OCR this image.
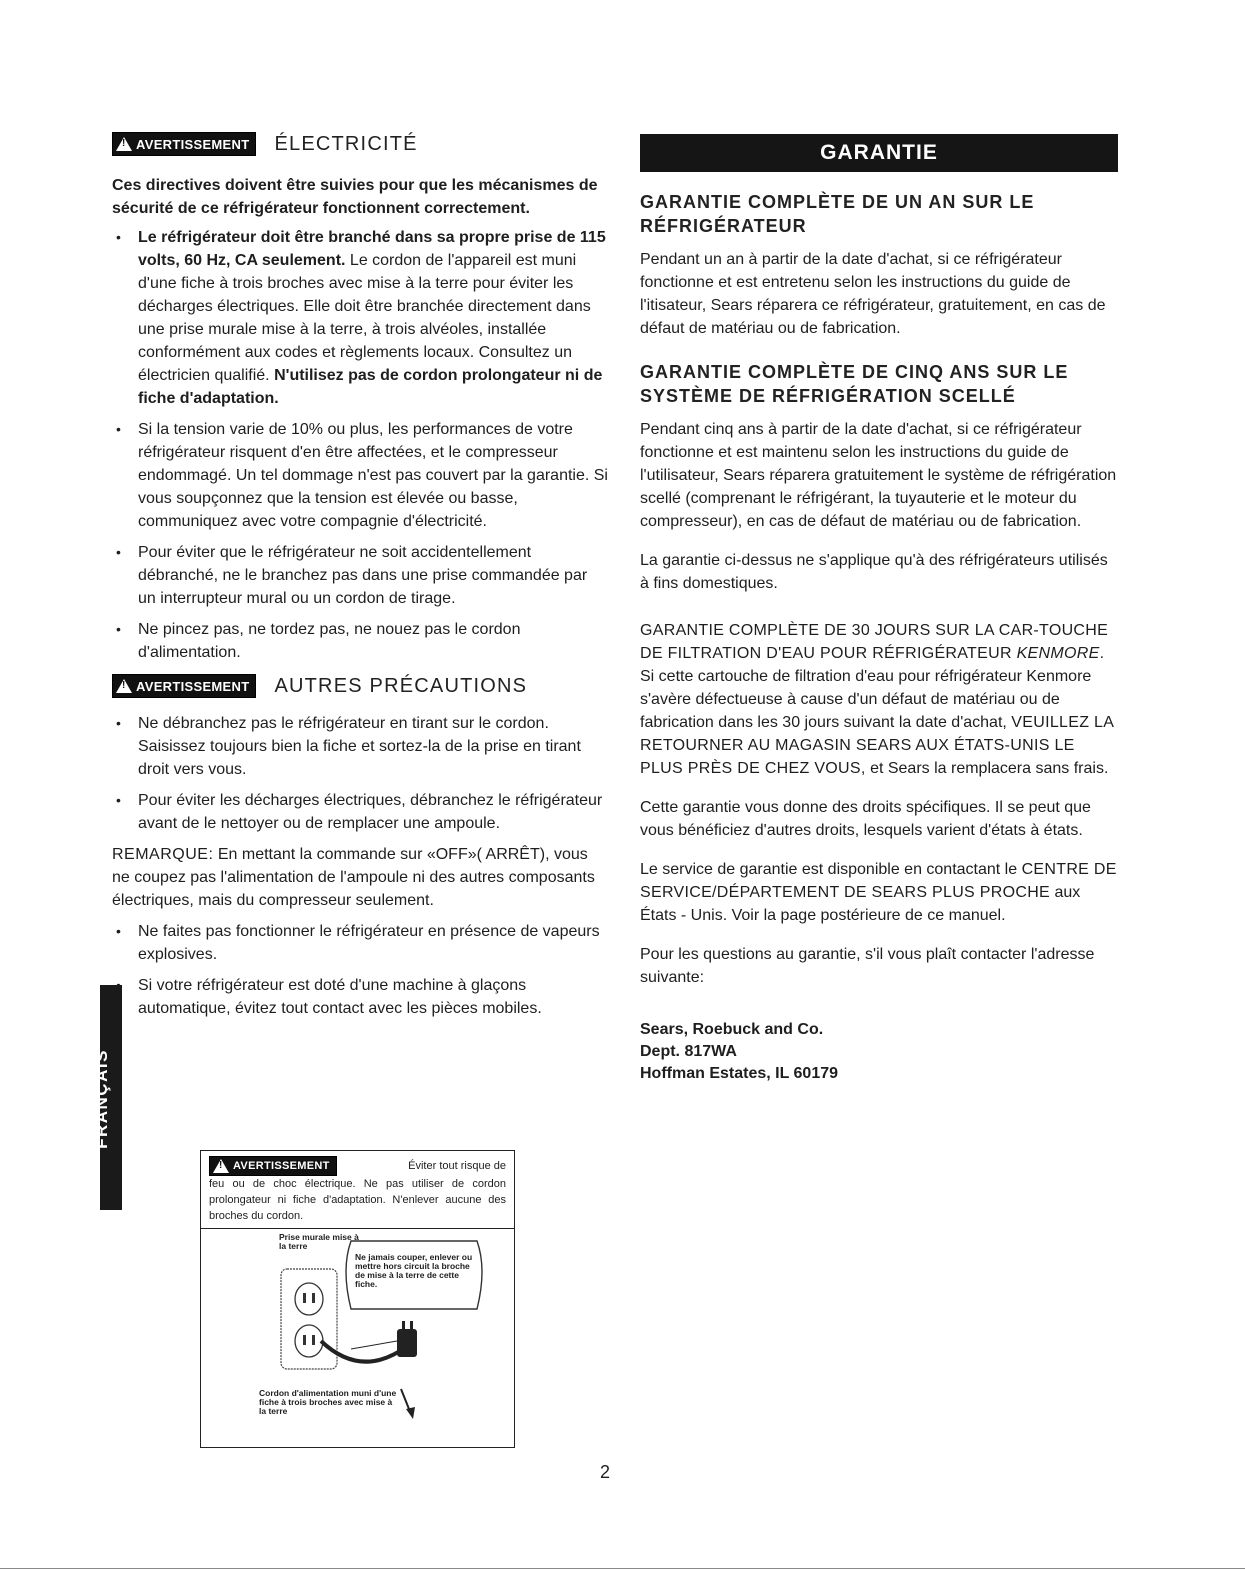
!
AVERTISSEMENT ÉLECTRICITÉ

Ces directives doivent être suivies pour que les mécanismes de sécurité de ce réfrigérateur fonctionnent correctement.

• Le réfrigérateur doit être branché dans sa propre prise de 115 volts, 60 Hz, CA seulement. Le cordon de l'appareil est muni d'une fiche à trois broches avec mise à la terre pour éviter les décharges électriques. Elle doit être branchée directement dans une prise murale mise à la terre, à trois alvéoles, installée conformément aux codes et règlements locaux. Consultez un électricien qualifié. N'utilisez pas de cordon prolongateur ni de fiche d'adaptation.
• Si la tension varie de 10% ou plus, les performances de votre réfrigérateur risquent d'en être affectées, et le compresseur endommagé. Un tel dommage n'est pas couvert par la garantie. Si vous soupçonnez que la tension est élevée ou basse, communiquez avec votre compagnie d'électricité.
• Pour éviter que le réfrigérateur ne soit accidentellement débranché, ne le branchez pas dans une prise commandée par un interrupteur mural ou un cordon de tirage.
• Ne pincez pas, ne tordez pas, ne nouez pas le cordon d'alimentation.
!
AVERTISSEMENT AUTRES PRÉCAUTIONS
• Ne débranchez pas le réfrigérateur en tirant sur le cordon. Saisissez toujours bien la fiche et sortez-la de la prise en tirant droit vers vous.
• Pour éviter les décharges électriques, débranchez le réfrigérateur avant de le nettoyer ou de remplacer une ampoule.

REMARQUE: En mettant la commande sur «OFF»( ARRÊT), vous ne coupez pas l'alimentation de l'ampoule ni des autres composants électriques, mais du compresseur seulement.

• Ne faites pas fonctionner le réfrigérateur en présence de vapeurs explosives.
• Si votre réfrigérateur est doté d'une machine à glaçons automatique, évitez tout contact avec les pièces mobiles.
FRANÇAIS
!
AVERTISSEMENT	Éviter tout risque de

feu ou de choc électrique. Ne pas utiliser de cordon prolongateur ni fiche d'adaptation. N'enlever aucune des broches du cordon.

Prise murale mise à la terre
Ne jamais couper, enlever ou mettre hors circuit la broche de mise à la terre de cette fiche.
Cordon d'alimentation muni d'une fiche à trois broches avec mise à la terre
GARANTIE
GARANTIE COMPLÈTE DE UN AN SUR LE RÉFRIGÉRATEUR

Pendant un an à partir de la date d'achat, si ce réfrigérateur fonctionne et est entretenu selon les instructions du guide de l'itisateur, Sears réparera ce réfrigérateur, gratuitement, en cas de défaut de matériau ou de fabrication.

GARANTIE COMPLÈTE DE CINQ ANS SUR LE SYSTÈME DE RÉFRIGÉRATION SCELLÉ

Pendant cinq ans à partir de la date d'achat, si ce réfrigérateur fonctionne et est maintenu selon les instructions du guide de l'utilisateur, Sears réparera gratuitement le système de réfrigération scellé (comprenant le réfrigérant, la tuyauterie et le moteur du compresseur), en cas de défaut de matériau ou de fabrication.

La garantie ci-dessus ne s'applique qu'à des réfrigérateurs utilisés à fins domestiques.

GARANTIE COMPLÈTE DE 30 JOURS SUR LA CAR-TOUCHE DE FILTRATION D'EAU POUR RÉFRIGÉRATEUR KENMORE. Si cette cartouche de filtration d'eau pour réfrigérateur Kenmore s'avère défectueuse à cause d'un défaut de matériau ou de fabrication dans les 30 jours suivant la date d'achat, VEUILLEZ LA RETOURNER AU MAGASIN SEARS AUX ÉTATS-UNIS LE PLUS PRÈS DE CHEZ VOUS, et Sears la remplacera sans frais.

Cette garantie vous donne des droits spécifiques. Il se peut que vous bénéficiez d'autres droits, lesquels varient d'états à états.

Le service de garantie est disponible en contactant le CENTRE DE SERVICE/DÉPARTEMENT DE SEARS PLUS PROCHE aux États - Unis. Voir la page postérieure de ce manuel.

Pour les questions au garantie, s'il vous plaît contacter l'adresse suivante:

Sears, Roebuck and Co.
Dept. 817WA
Hoffman Estates, IL 60179
2
